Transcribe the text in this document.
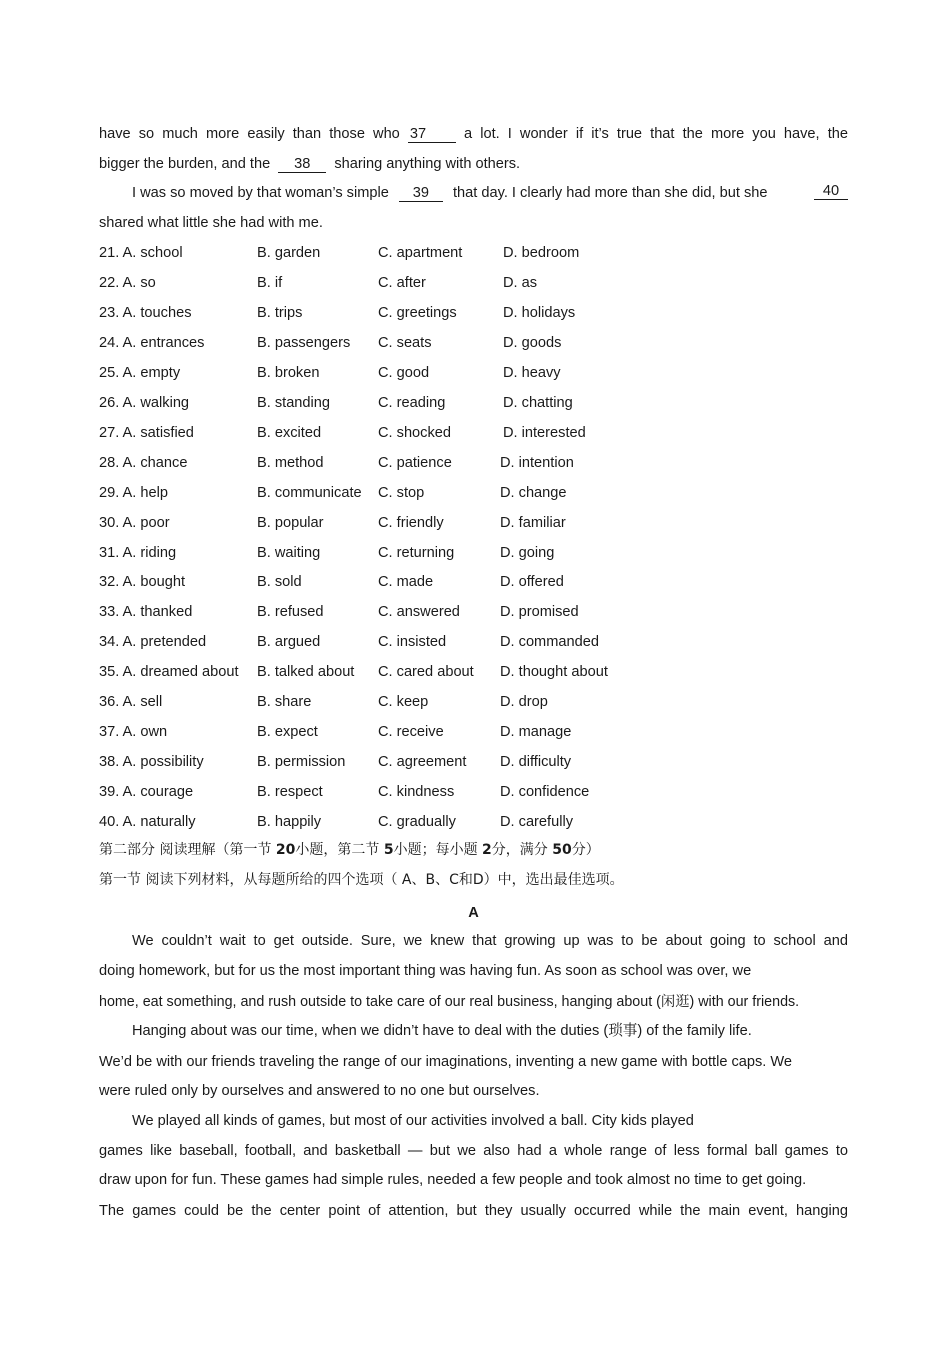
have so much more easily than those who 37	a lot. I wonder if it’s true that the more you have, the
bigger the burden, and the 38 sharing anything with others.
I was so moved by that woman’s simple 39 that day. I clearly had more than she did, but she	40
shared what little she had with me.
21. A. school	B. garden	C. apartment	D. bedroom
22. A. so	B. if	C. after	D. as
23. A. touches	B. trips	C. greetings	D. holidays
24. A. entrances	B. passengers C. seats	D. goods
25. A. empty	B. broken	C. good	D. heavy
26. A. walking	B. standing	C. reading	D. chatting
27. A. satisfied	B. excited	C. shocked	D. interested
28. A. chance	B. method	C. patience	D. intention
29. A. help	B. communicate C. stop	D. change
30. A. poor	B. popular	C. friendly	D. familiar
31. A. riding	B. waiting	C. returning	D. going
32. A. bought	B. sold	C. made	D. offered
33. A. thanked	B. refused	C. answered	D. promised
34. A. pretended	B. argued	C. insisted	D. commanded
35. A. dreamed about B. talked about C. cared about D. thought about
36. A. sell	B. share	C. keep	D. drop
37. A. own	B. expect	C. receive	D. manage
38. A. possibility	B. permission C. agreement D. difficulty
39. A. courage	B. respect	C. kindness	D. confidence
40. A. naturally	B. happily	C. gradually	D. carefully
第二部分 阅读理解（第一节 20小题，第二节 5小题；每小题 2分，满分 50分）
第一节 阅读下列材料，从每题所给的四个选项（ A、B、C和D）中，选出最佳选项。
A
We couldn’t wait to get outside. Sure, we knew that growing up was to be about going to school and
doing homework, but for us the most important thing was having fun. As soon as school was over, we
home, eat something, and rush outside to take care of our real business, hanging about (闲逛) with our friends.
Hanging about was our time, when we didn’t have to deal with the duties (琐事) of the family life.
We’d be with our friends traveling the range of our imaginations, inventing a new game with bottle caps. We
were ruled only by ourselves and answered to no one but ourselves.
We played all kinds of games, but most of our activities involved a ball. City kids played
games like baseball, football, and basketball — but we also had a whole range of less formal ball games to
draw upon for fun. These games had simple rules, needed a few people and took almost no time to get going.
The games could be the center point of attention, but they usually occurred while the main event, hanging
